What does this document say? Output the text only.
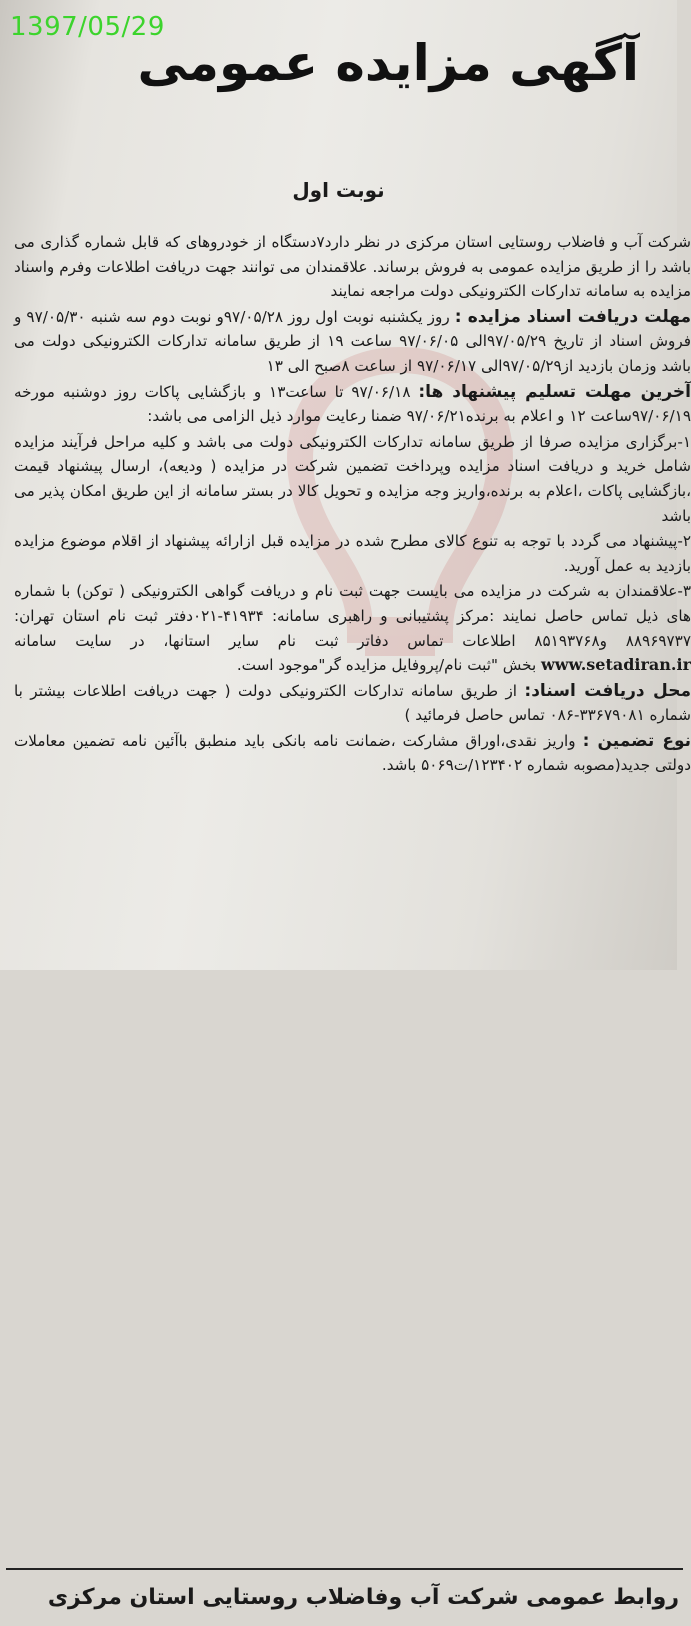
1397/05/29
آگهی مزایده عمومی
نوبت اول

شرکت آب و فاضلاب روستایی استان مرکزی در نظر دارد۷دستگاه از خودروهای که قابل شماره گذاری می باشد را از طریق مزایده عمومی به فروش برساند. علاقمندان می توانند جهت دریافت اطلاعات وفرم واسناد مزایده به سامانه تدارکات الکترونیکی دولت مراجعه نمایند

مهلت دریافت اسناد مزایده : روز یکشنبه نوبت اول روز ۹۷/۰۵/۲۸و نوبت دوم سه شنبه ۹۷/۰۵/۳۰ و فروش اسناد از تاریخ ۹۷/۰۵/۲۹الی ۹۷/۰۶/۰۵ ساعت ۱۹ از طریق سامانه تدارکات الکترونیکی دولت می باشد وزمان بازدید از۹۷/۰۵/۲۹الی ۹۷/۰۶/۱۷ از ساعت ۸صبح الی ۱۳

آخرین مهلت تسلیم پیشنهاد ها: ۹۷/۰۶/۱۸ تا ساعت۱۳ و بازگشایی پاکات روز دوشنبه مورخه ۹۷/۰۶/۱۹ساعت ۱۲ و اعلام به برنده۹۷/۰۶/۲۱ ضمنا رعایت موارد ذیل الزامی می باشد:

۱-برگزاری مزایده صرفا از طریق سامانه تدارکات الکترونیکی دولت می باشد و کلیه مراحل فرآیند مزایده شامل خرید و دریافت اسناد مزایده وپرداخت تضمین شرکت در مزایده ( ودیعه)، ارسال پیشنهاد قیمت ،بازگشایی پاکات ،اعلام به برنده،واریز وجه مزایده و تحویل کالا در بستر سامانه از این طریق امکان پذیر می باشد

۲-پیشنهاد می گردد با توجه به تنوع کالای مطرح شده در مزایده قبل ازارائه پیشنهاد از اقلام موضوع مزایده بازدید به عمل آورید.

۳-علاقمندان به شرکت در مزایده می بایست جهت ثبت نام و دریافت گواهی الکترونیکی ( توکن) با شماره های ذیل تماس حاصل نمایند :مرکز پشتیبانی و راهبری سامانه: ۴۱۹۳۴-۰۲۱دفتر ثبت نام استان تهران: ۸۸۹۶۹۷۳۷ و۸۵۱۹۳۷۶۸ اطلاعات تماس دفاتر ثبت نام سایر استانها، در سایت سامانه www.setadiran.ir بخش "ثبت نام/پروفایل مزایده گر"موجود است.

محل دریافت اسناد: از طریق سامانه تدارکات الکترونیکی دولت ( جهت دریافت اطلاعات بیشتر با شماره ۳۳۶۷۹۰۸۱-۰۸۶ تماس حاصل فرمائید )

نوع تضمین : واریز نقدی،اوراق مشارکت ،ضمانت نامه بانکی باید منطبق باآئین نامه تضمین معاملات دولتی جدید(مصوبه شماره ۱۲۳۴۰۲/ت۵۰۶۹ باشد.

روابط عمومی شرکت آب وفاضلاب روستایی استان مرکزی
